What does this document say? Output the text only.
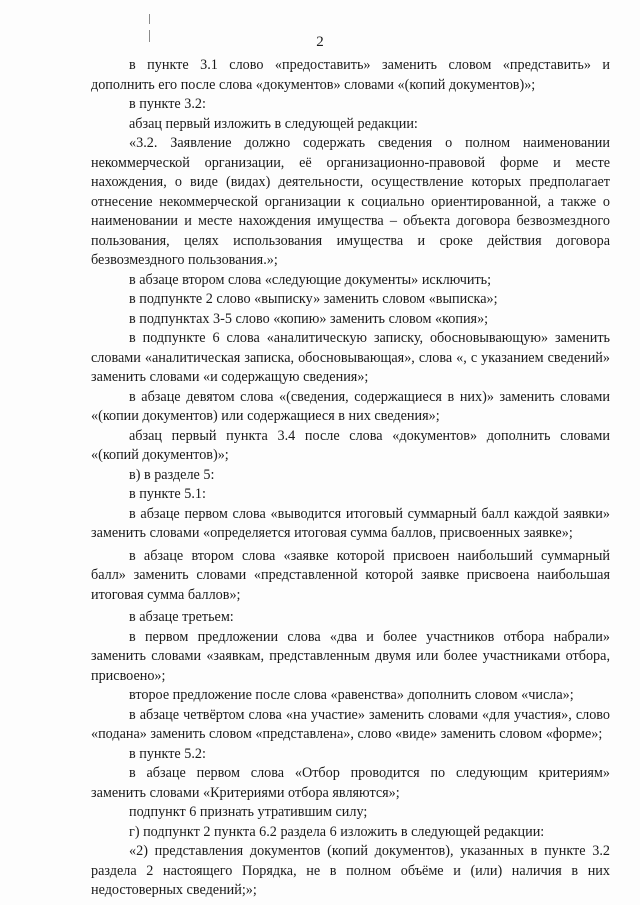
2

в пункте 3.1 слово «предоставить» заменить словом «представить» и дополнить его после слова «документов» словами «(копий документов)»;

в пункте 3.2:

абзац первый изложить в следующей редакции:

«3.2. Заявление должно содержать сведения о полном наименовании некоммерческой организации, её организационно-правовой форме и месте нахождения, о виде (видах) деятельности, осуществление которых предполагает отнесение некоммерческой организации к социально ориентированной, а также о наименовании и месте нахождения имущества – объекта договора безвозмездного пользования, целях использования имущества и сроке действия договора безвозмездного пользования.»;

в абзаце втором слова «следующие документы» исключить;

в подпункте 2 слово «выписку» заменить словом «выписка»;

в подпунктах 3-5 слово «копию» заменить словом «копия»;

в подпункте 6 слова «аналитическую записку, обосновывающую» заменить словами «аналитическая записка, обосновывающая», слова «, с указанием сведений» заменить словами «и содержащую сведения»;

в абзаце девятом слова «(сведения, содержащиеся в них)» заменить словами «(копии документов) или содержащиеся в них сведения»;

абзац первый пункта 3.4 после слова «документов» дополнить словами «(копий документов)»;

в) в разделе 5:

в пункте 5.1:

в абзаце первом слова «выводится итоговый суммарный балл каждой заявки» заменить словами «определяется итоговая сумма баллов, присвоенных заявке»;

в абзаце втором слова «заявке которой присвоен наибольший суммарный балл» заменить словами «представленной которой заявке присвоена наибольшая итоговая сумма баллов»;

в абзаце третьем:

в первом предложении слова «два и более участников отбора набрали» заменить словами «заявкам, представленным двумя или более участниками отбора, присвоено»;

второе предложение после слова «равенства» дополнить словом «числа»;

в абзаце четвёртом слова «на участие» заменить словами «для участия», слово «подана» заменить словом «представлена», слово «виде» заменить словом «форме»;

в пункте 5.2:

в абзаце первом слова «Отбор проводится по следующим критериям» заменить словами «Критериями отбора являются»;

подпункт 6 признать утратившим силу;

г) подпункт 2 пункта 6.2 раздела 6 изложить в следующей редакции:

«2) представления документов (копий документов), указанных в пункте 3.2 раздела 2 настоящего Порядка, не в полном объёме и (или) наличия в них недостоверных сведений;»;
